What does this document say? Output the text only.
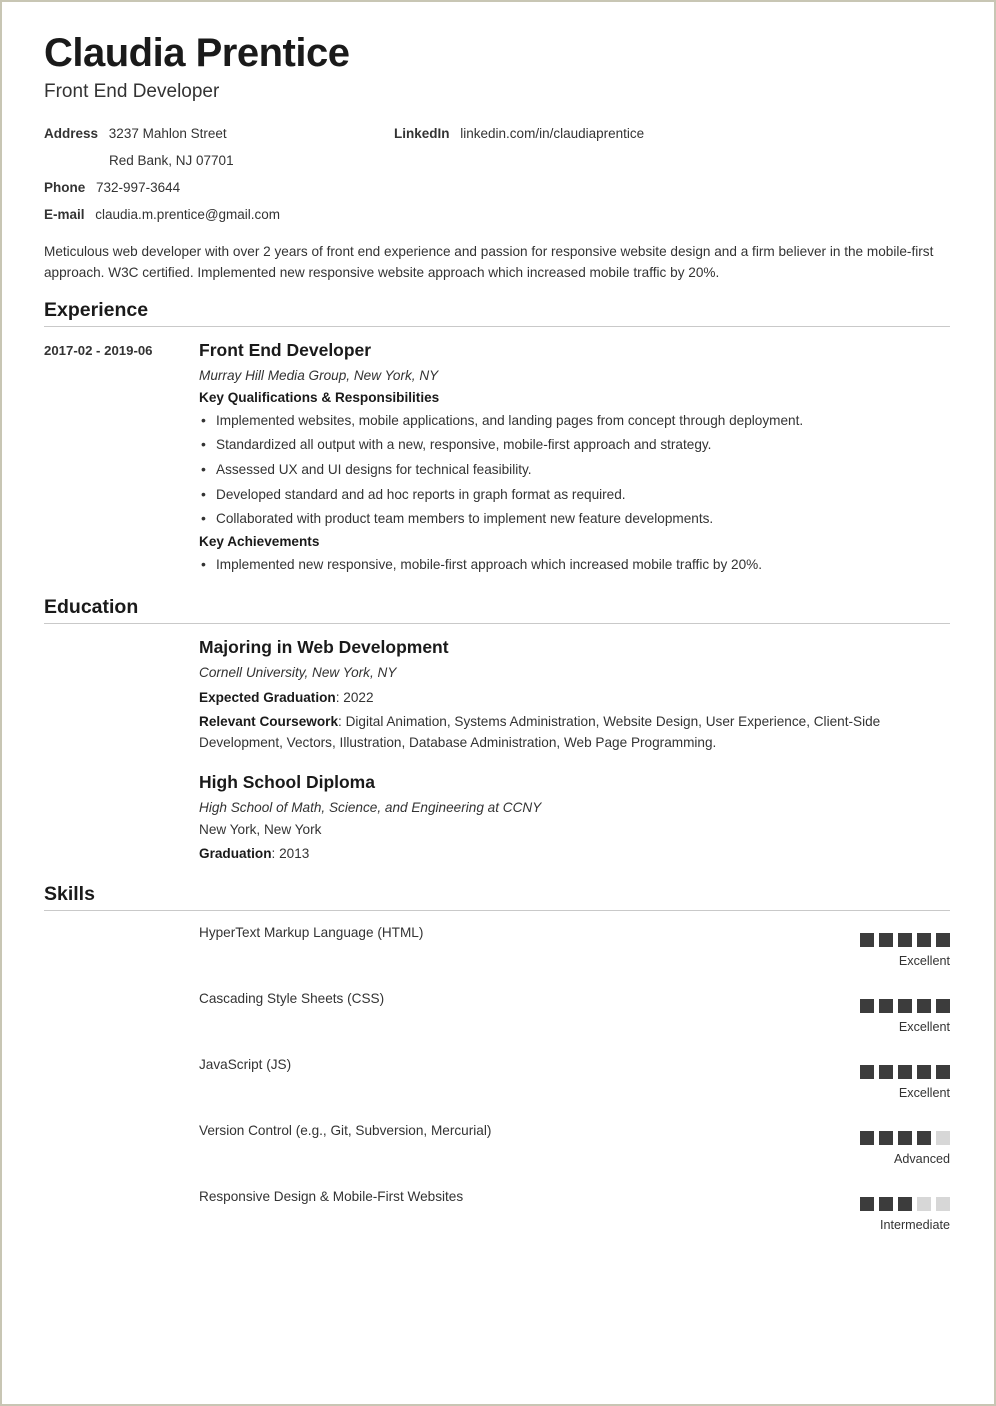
Claudia Prentice
Front End Developer
Address 3237 Mahlon Street	LinkedIn linkedin.com/in/claudiaprentice
Red Bank, NJ 07701
Phone 732-997-3644
E-mail claudia.m.prentice@gmail.com

Meticulous web developer with over 2 years of front end experience and passion for responsive website design and a firm believer in the mobile-first approach. W3C certified. Implemented new responsive website approach which increased mobile traffic by 20%.

Experience
2017-02 - 2019-06	Front End Developer
Murray Hill Media Group, New York, NY
Key Qualifications & Responsibilities
• Implemented websites, mobile applications, and landing pages from concept through deployment.
• Standardized all output with a new, responsive, mobile-first approach and strategy.
• Assessed UX and UI designs for technical feasibility.
• Developed standard and ad hoc reports in graph format as required.
• Collaborated with product team members to implement new feature developments.
Key Achievements
• Implemented new responsive, mobile-first approach which increased mobile traffic by 20%.
Education
Majoring in Web Development
Cornell University, New York, NY
Expected Graduation: 2022
Relevant Coursework: Digital Animation, Systems Administration, Website Design, User Experience, Client-Side Development, Vectors, Illustration, Database Administration, Web Page Programming.
High School Diploma
High School of Math, Science, and Engineering at CCNY
New York, New York
Graduation: 2013
Skills
HyperText Markup Language (HTML)
Excellent
Cascading Style Sheets (CSS)
Excellent
JavaScript (JS)
Excellent
Version Control (e.g., Git, Subversion, Mercurial)
Advanced
Responsive Design & Mobile-First Websites
Intermediate
